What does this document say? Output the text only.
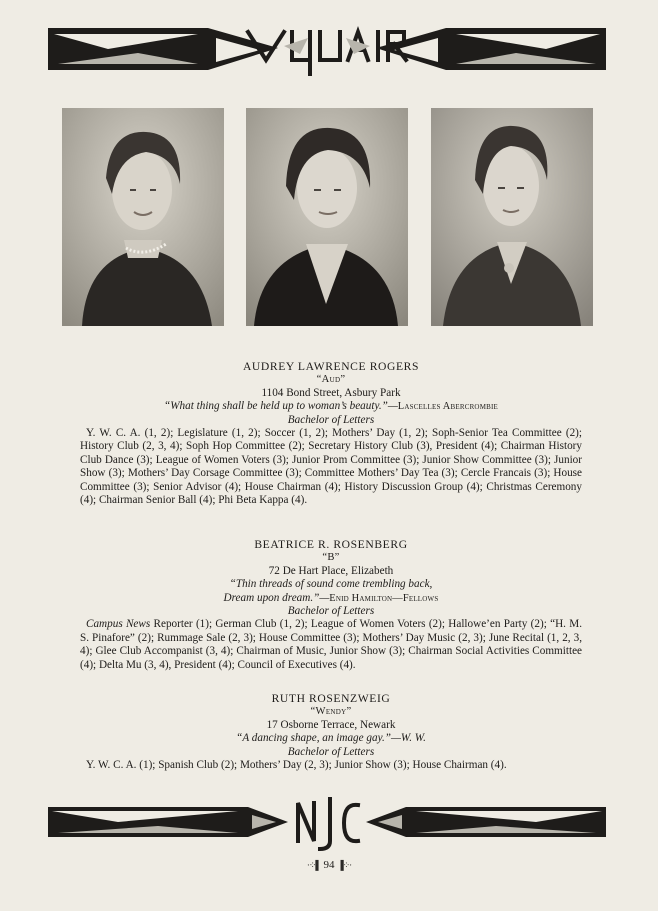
AUDREY LAWRENCE ROGERS
“Aud”
1104 Bond Street, Asbury Park
“What thing shall be held up to woman’s beauty.”—Lascelles Abercrombie
Bachelor of Letters

Y. W. C. A. (1, 2); Legislature (1, 2); Soccer (1, 2); Mothers’ Day (1, 2); Soph-Senior Tea Committee (2); History Club (2, 3, 4); Soph Hop Committee (2); Secretary History Club (3), President (4); Chairman History Club Dance (3); League of Women Voters (3); Junior Prom Committee (3); Junior Show Committee (3); Junior Show (3); Mothers’ Day Corsage Committee (3); Committee Mothers’ Day Tea (3); Cercle Francais (3); House Committee (3); Senior Advisor (4); House Chairman (4); History Discussion Group (4); Christmas Ceremony (4); Chairman Senior Ball (4); Phi Beta Kappa (4).

BEATRICE R. ROSENBERG
“B”
72 De Hart Place, Elizabeth
“Thin threads of sound come trembling back,
Dream upon dream.”—Enid Hamilton—Fellows
Bachelor of Letters

Campus News Reporter (1); German Club (1, 2); League of Women Voters (2); Hallowe’en Party (2); “H. M. S. Pinafore” (2); Rummage Sale (2, 3); House Committee (3); Mothers’ Day Music (2, 3); June Recital (1, 2, 3, 4); Glee Club Accompanist (3, 4); Chairman of Music, Junior Show (3); Chairman Social Activities Committee (4); Delta Mu (3, 4), President (4); Council of Executives (4).

RUTH ROSENZWEIG
“Wendy”
17 Osborne Terrace, Newark
“A dancing shape, an image gay.”—W. W.
Bachelor of Letters

Y. W. C. A. (1); Spanish Club (2); Mothers’ Day (2, 3); Junior Show (3); House Chairman (4).

·⁘▌ 94 ▐⁘·
